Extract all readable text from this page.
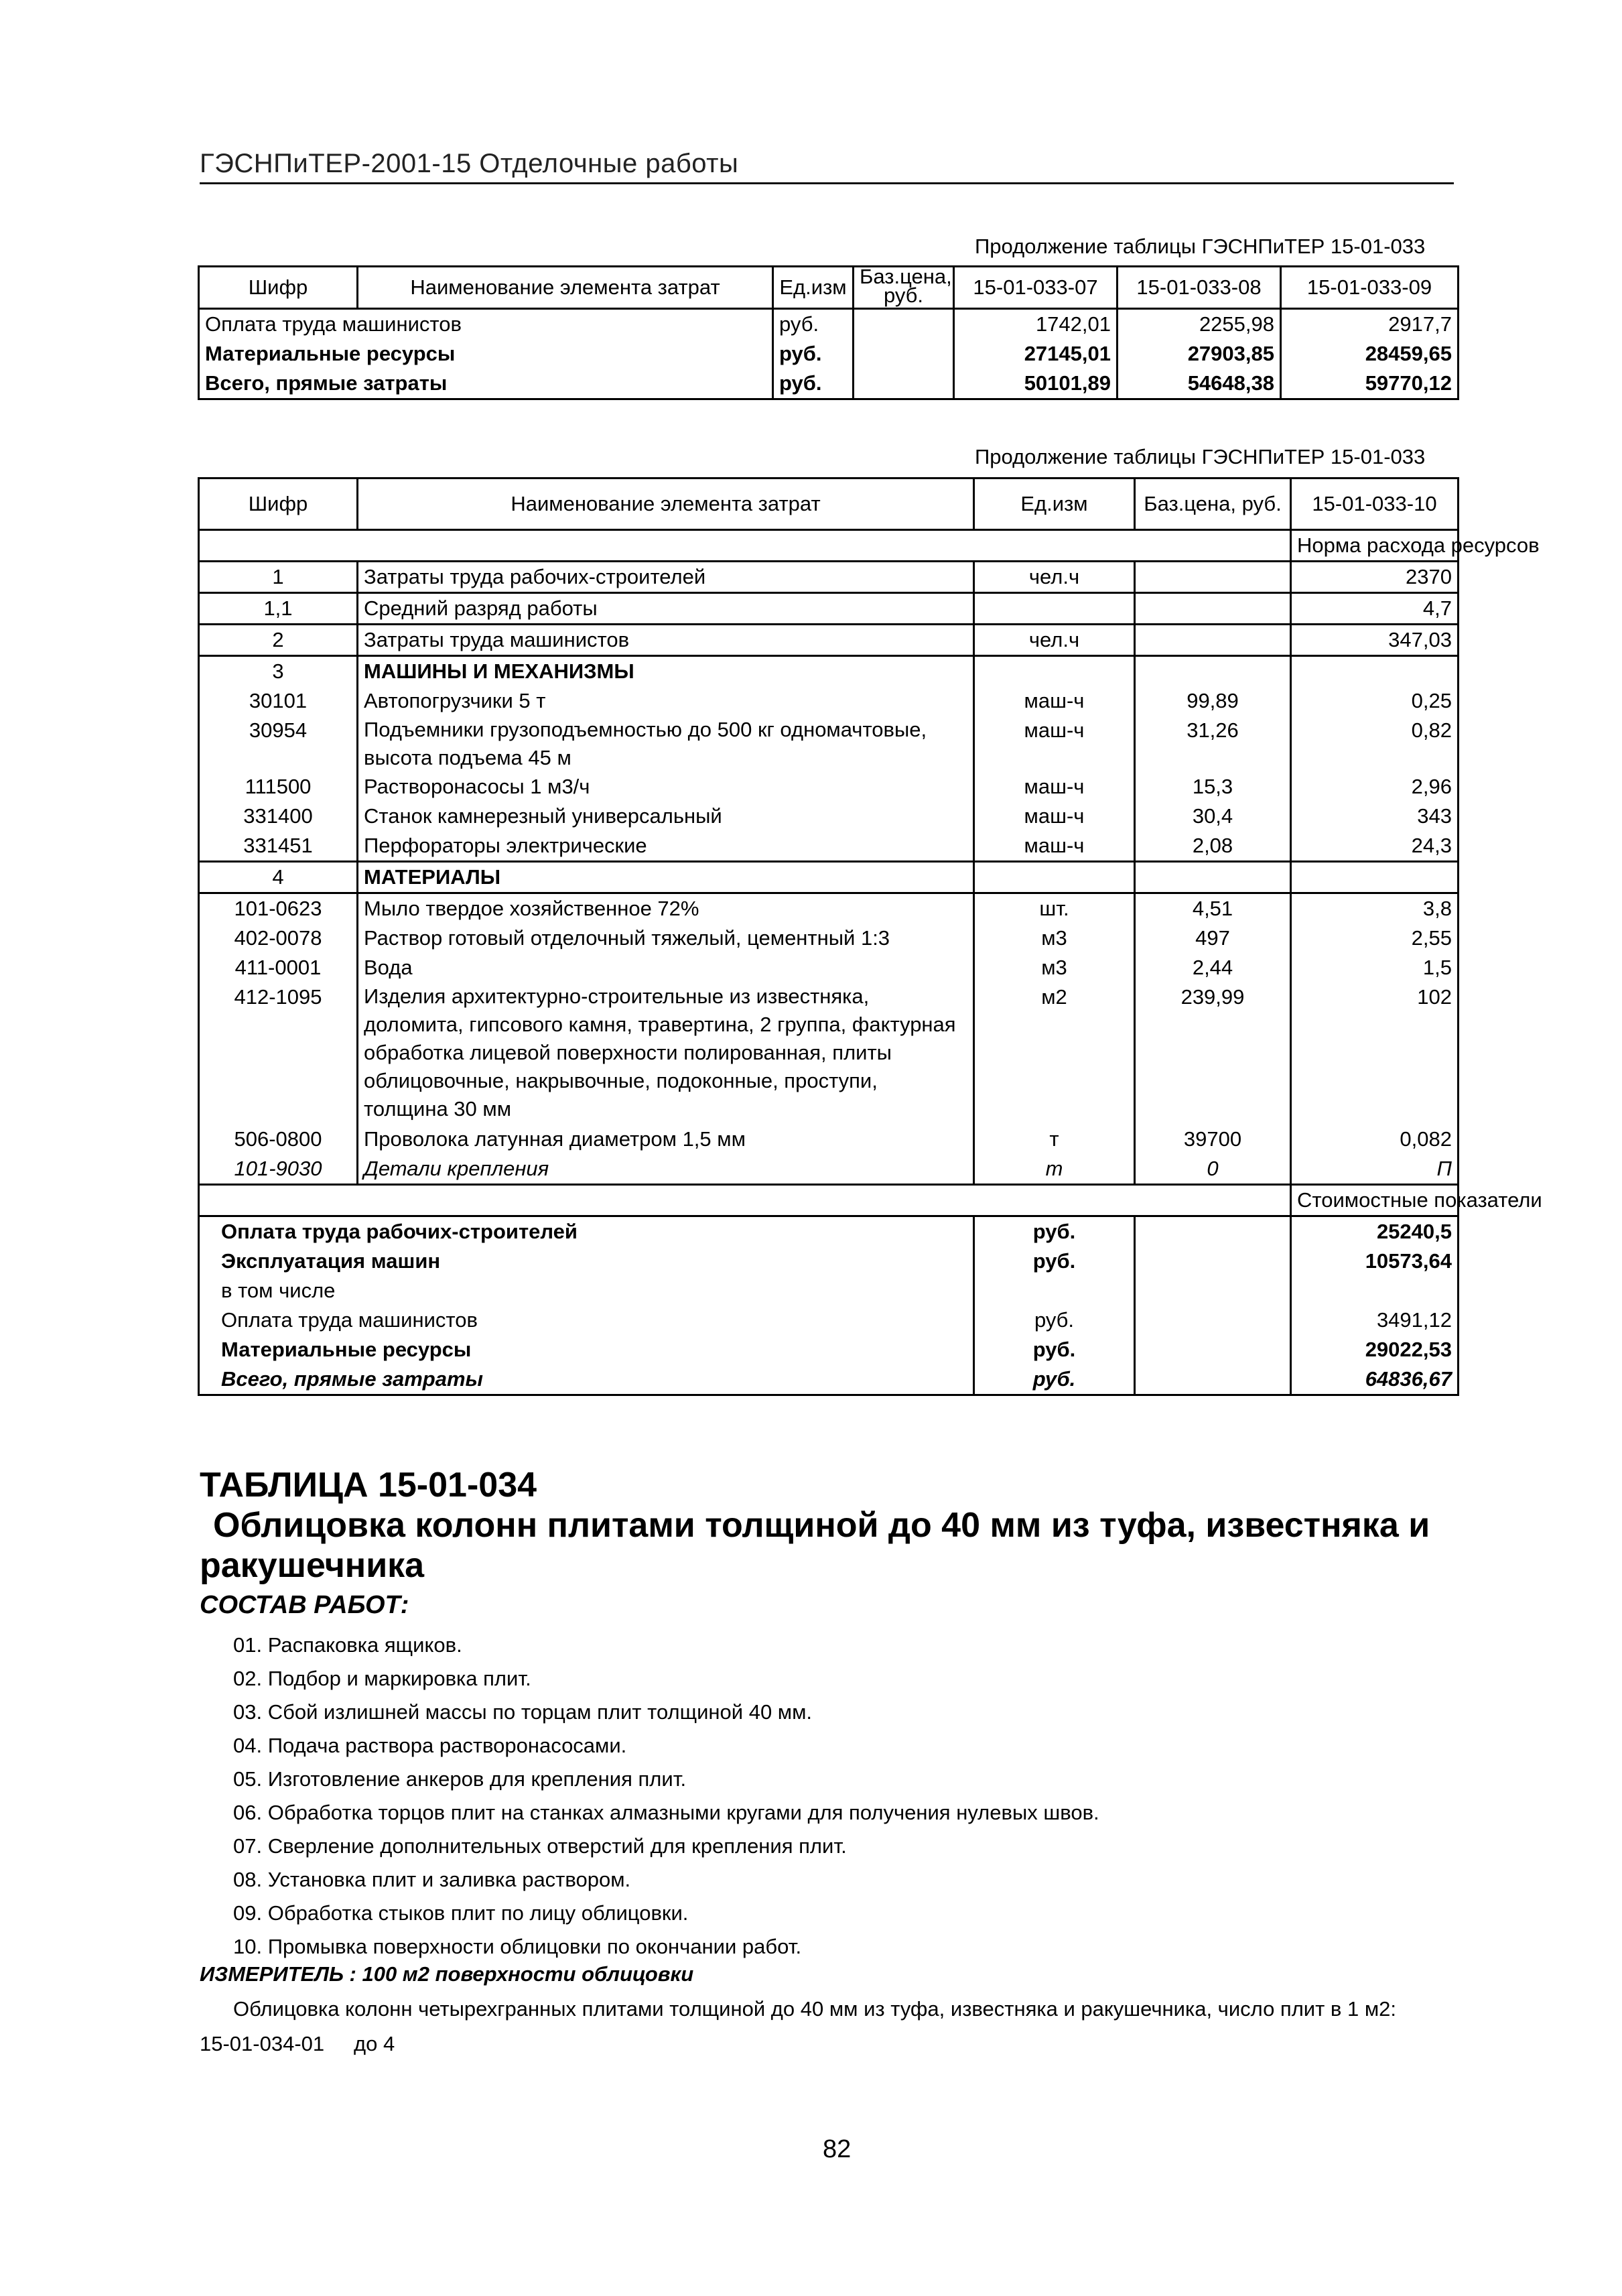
ГЭСНПиТЕР-2001-15 Отделочные работы
Продолжение таблицы ГЭСНПиТЕР 15-01-033
Шифр	Наименование элемента затрат	Ед.изм	Баз.цена, руб.	15-01-033-07	15-01-033-08	15-01-033-09
Оплата труда машинистов		руб.		1742,01	2255,98	2917,7
Материальные ресурсы		руб.		27145,01	27903,85	28459,65
Всего, прямые затраты		руб.		50101,89	54648,38	59770,12
Продолжение таблицы ГЭСНПиТЕР 15-01-033
Шифр	Наименование элемента затрат	Ед.изм	Баз.цена, руб.	15-01-033-10
				Норма расхода ресурсов
1	Затраты труда рабочих-строителей	чел.ч		2370
1,1	Средний разряд работы			4,7
2	Затраты труда машинистов	чел.ч		347,03
3	МАШИНЫ И МЕХАНИЗМЫ			
30101	Автопогрузчики 5 т	маш-ч	99,89	0,25
30954	Подъемники грузоподъемностью до 500 кг одномачтовые, высота подъема 45 м	маш-ч	31,26	0,82
111500	Растворонасосы 1 м3/ч	маш-ч	15,3	2,96
331400	Станок камнерезный универсальный	маш-ч	30,4	343
331451	Перфораторы электрические	маш-ч	2,08	24,3
4	МАТЕРИАЛЫ			
101-0623	Мыло твердое хозяйственное 72%	шт.	4,51	3,8
402-0078	Раствор готовый отделочный тяжелый, цементный 1:3	м3	497	2,55
411-0001	Вода	м3	2,44	1,5
412-1095	Изделия архитектурно-строительные из известняка, доломита, гипсового камня, травертина, 2 группа, фактурная обработка лицевой поверхности полированная, плиты облицовочные, накрывочные, подоконные, проступи, толщина 30 мм	м2	239,99	102
506-0800	Проволока латунная диаметром 1,5 мм	т	39700	0,082
101-9030	Детали крепления	т	0	П
				Стоимостные показатели
Оплата труда рабочих-строителей		руб.		25240,5
Эксплуатация машин		руб.		10573,64
в том числе				
Оплата труда машинистов		руб.		3491,12
Материальные ресурсы		руб.		29022,53
Всего, прямые затраты		руб.		64836,67
ТАБЛИЦА 15-01-034
Облицовка колонн плитами толщиной до 40 мм из туфа, известняка и
ракушечника
СОСТАВ РАБОТ:
01. Распаковка ящиков.
02. Подбор и маркировка плит.
03. Сбой излишней массы по торцам плит толщиной 40 мм.
04. Подача раствора растворонасосами.
05. Изготовление анкеров для крепления плит.
06. Обработка торцов плит на станках алмазными кругами для получения нулевых швов.
07. Сверление дополнительных отверстий для крепления плит.
08. Установка плит и заливка раствором.
09. Обработка стыков плит по лицу облицовки.
10. Промывка поверхности облицовки по окончании работ.
ИЗМЕРИТЕЛЬ : 100 м2 поверхности облицовки
Облицовка колонн четырехгранных плитами толщиной до 40 мм из туфа, известняка и ракушечника, число плит в 1 м2:
15-01-034-01 до 4
82
